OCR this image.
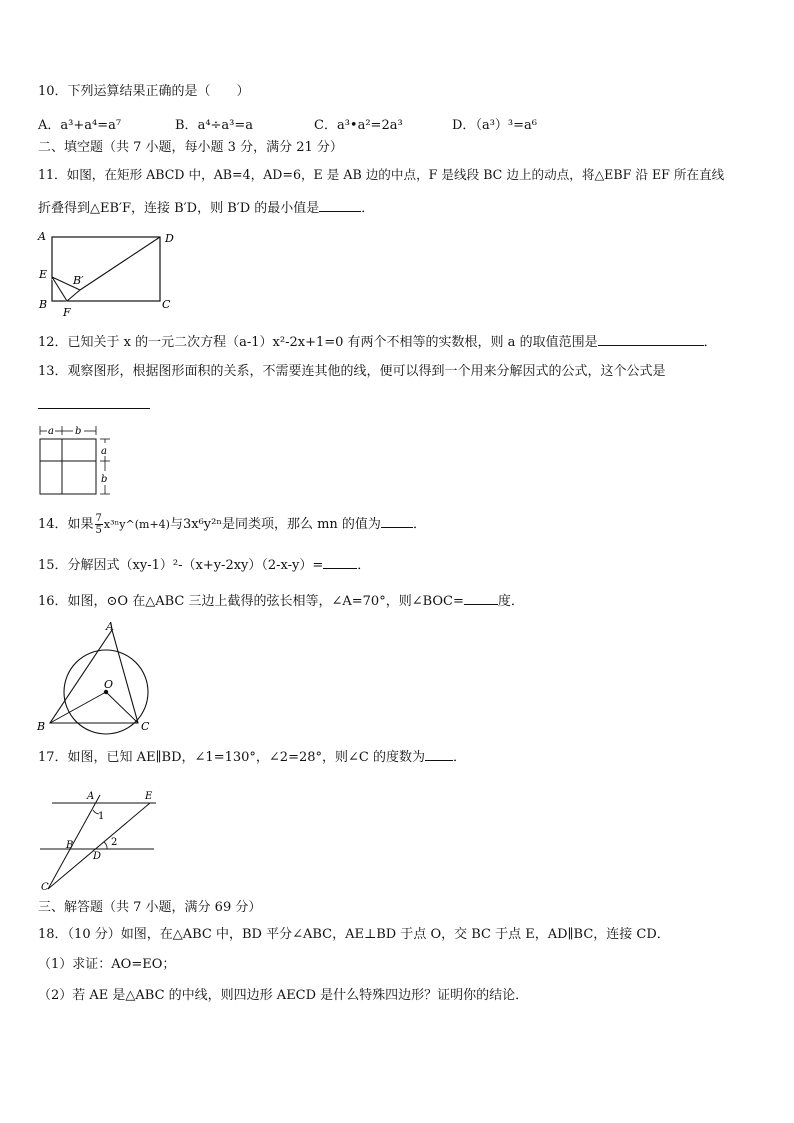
10．下列运算结果正确的是（　　）
A．a³+a⁴=a⁷	B．a⁴÷a³=a	C．a³•a²=2a³	D．（a³）³=a⁶
二、填空题（共 7 小题，每小题 3 分，满分 21 分）
11．如图，在矩形 ABCD 中，AB=4，AD=6，E 是 AB 边的中点，F 是线段 BC 边上的动点，将△EBF 沿 EF 所在直线
折叠得到△EB′F，连接 B′D，则 B′D 的最小值是	．
A	D
E
B
F
C
B′
12．已知关于 x 的一元二次方程（a-1）x²-2x+1=0 有两个不相等的实数根，则 a 的取值范围是	．
13．观察图形，根据图形面积的关系，不需要连其他的线，便可以得到一个用来分解因式的公式，这个公式是
a b
a
b
14．如果 $\frac{7}{5}$ x³ⁿy^(m+4)与3x⁶y²ⁿ是同类项，那么 mn 的值为 ．
15．分解因式（xy-1）²-（x+y-2xy）（2-x-y）=	．
16．如图，⊙O 在△ABC 三边上截得的弦长相等，∠A=70°，则∠BOC=	度．
A
B	C
O
17．如图，已知 AE∥BD，∠1=130°，∠2=28°，则∠C 的度数为 ．
A	E
B
D
C
1
2
三、解答题（共 7 小题，满分 69 分）
18．（10 分）如图，在△ABC 中，BD 平分∠ABC，AE⊥BD 于点 O，交 BC 于点 E，AD∥BC，连接 CD．
（1）求证：AO=EO；
（2）若 AE 是△ABC 的中线，则四边形 AECD 是什么特殊四边形？证明你的结论．
